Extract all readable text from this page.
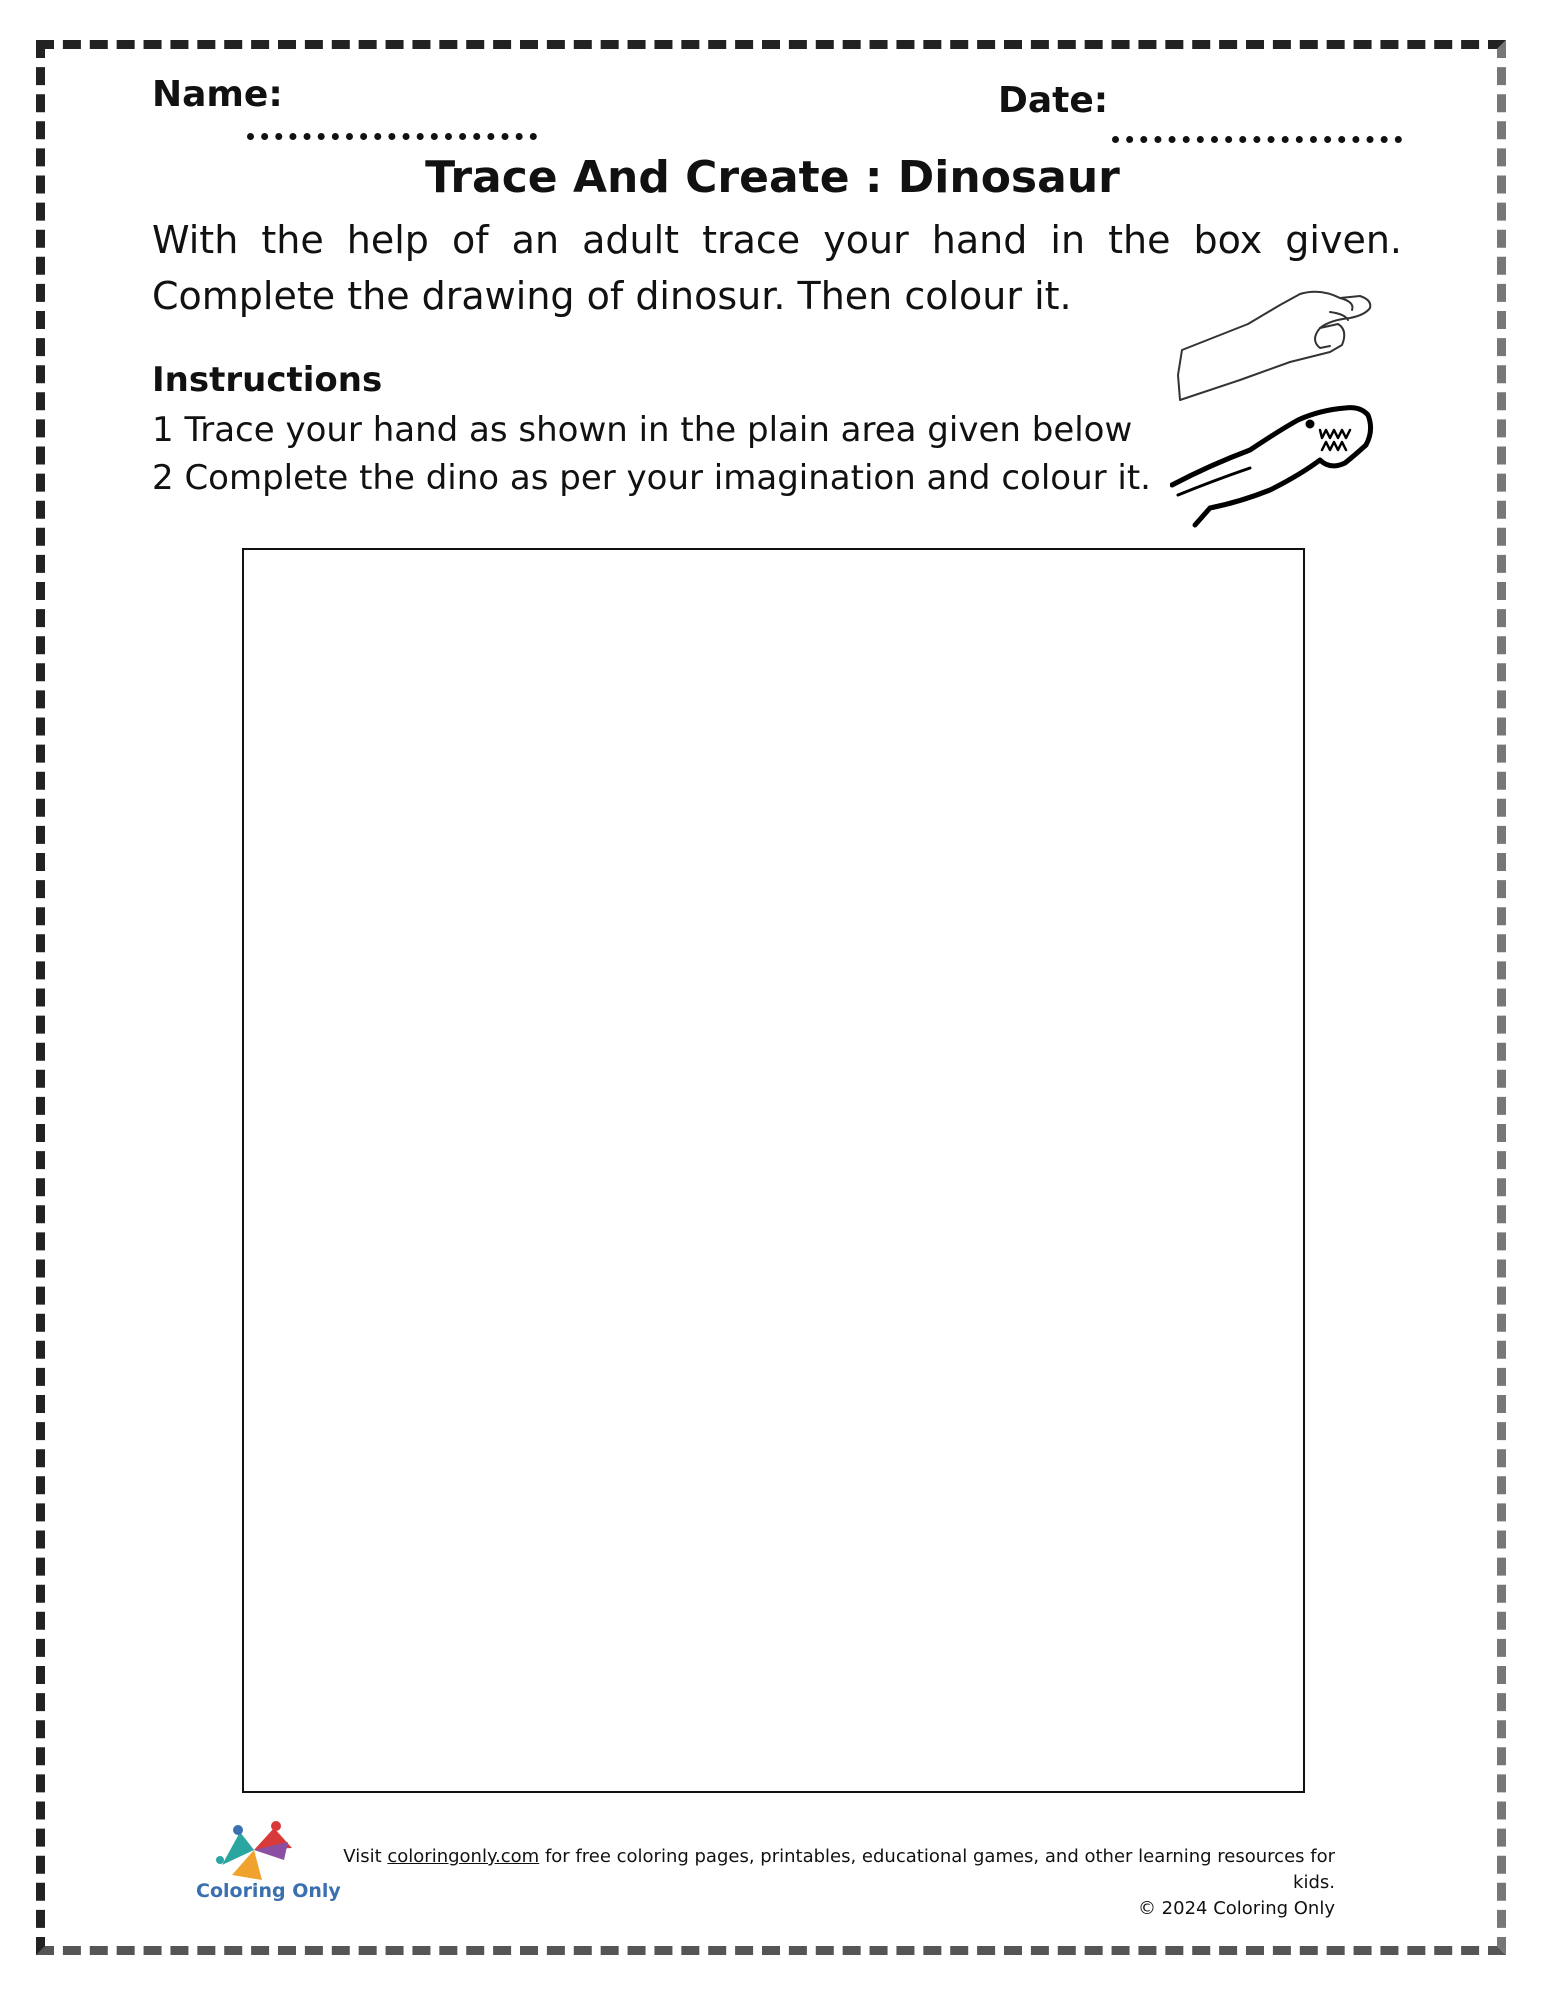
Name:	Date:
Trace And Create : Dinosaur
With the help of an adult trace your hand in the box given.
Complete the drawing of dinosur. Then colour it.
Instructions
1 Trace your hand as shown in the plain area given below
2 Complete the dino as per your imagination and colour it.
Coloring Only
Visit coloringonly.com for free coloring pages, printables, educational games, and other learning resources for kids.
© 2024 Coloring Only
